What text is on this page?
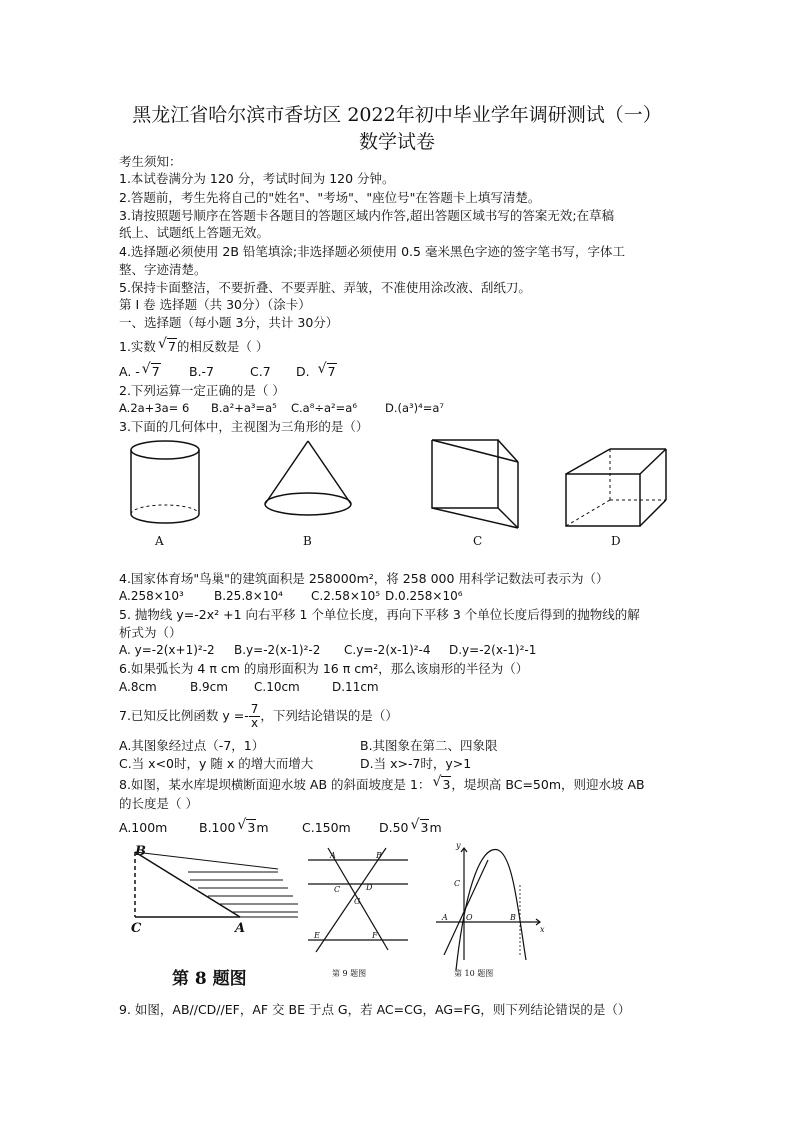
黑龙江省哈尔滨市香坊区 2022年初中毕业学年调研测试（一）
数学试卷
考生须知：
1.本试卷满分为 120 分，考试时间为 120 分钟。
2.答题前，考生先将自己的"姓名"、"考场"、"座位号"在答题卡上填写清楚。
3.请按照题号顺序在答题卡各题目的答题区域内作答,超出答题区域书写的答案无效;在草稿
纸上、试题纸上答题无效。
4.选择题必须使用 2B 铅笔填涂;非选择题必须使用 0.5 毫米黑色字迹的签字笔书写，字体工
整、字迹清楚。
5.保持卡面整洁，不要折叠、不要弄脏、弄皱，不准使用涂改液、刮纸刀。
第 I 卷 选择题（共 30分）（涂卡）
一、选择题（每小题 3分，共计 30分）
1.实数 √ 7的相反数是（ ）
A. - √ 7 B.-7	C.7 D. √ 7
2.下列运算一定正确的是（ ）
A.2a+3a= 6 B.a²+a³=a⁵ C.a⁸÷a²=a⁶ D.(a³)⁴=a⁷
3.下面的几何体中，主视图为三角形的是（）
A	B	C	D
4.国家体育场"鸟巢"的建筑面积是 258000m²，将 258 000 用科学记数法可表示为（）
A.258×10³	B.25.8×10⁴ C.2.58×10⁵ D.0.258×10⁶
5. 抛物线 y=-2x² +1 向右平移 1 个单位长度，再向下平移 3 个单位长度后得到的抛物线的解
析式为（）
A. y=-2(x+1)²-2 B.y=-2(x-1)²-2 C.y=-2(x-1)²-4 D.y=-2(x-1)²-1
6.如果弧长为 4 π cm 的扇形面积为 16 π cm²，那么该扇形的半径为（）
A.8cm	B.9cm C.10cm	D.11cm
7.已知反比例函数 $y =- \frac{7}{x}$ ，下列结论错误的是（）
A.其图象经过点（-7，1）	B.其图象在第二、四象限
C.当 x<0时，y 随 x 的增大而增大	D.当 x>-7时，y>1
8.如图，某水库堤坝横断面迎水坡 AB 的斜面坡度是 1： √ 3，堤坝高 BC=50m，则迎水坡 AB
的长度是（ ）
A.100m	B.100 √ 3m	C.150m D.50 √ 3m
B
C	A
第 8 题图
A	B
C	D
G
E	F
第 9 题图
y
C
A O	B
x
第 10 题图
9. 如图，AB//CD//EF，AF 交 BE 于点 G，若 AC=CG，AG=FG，则下列结论错误的是（）
